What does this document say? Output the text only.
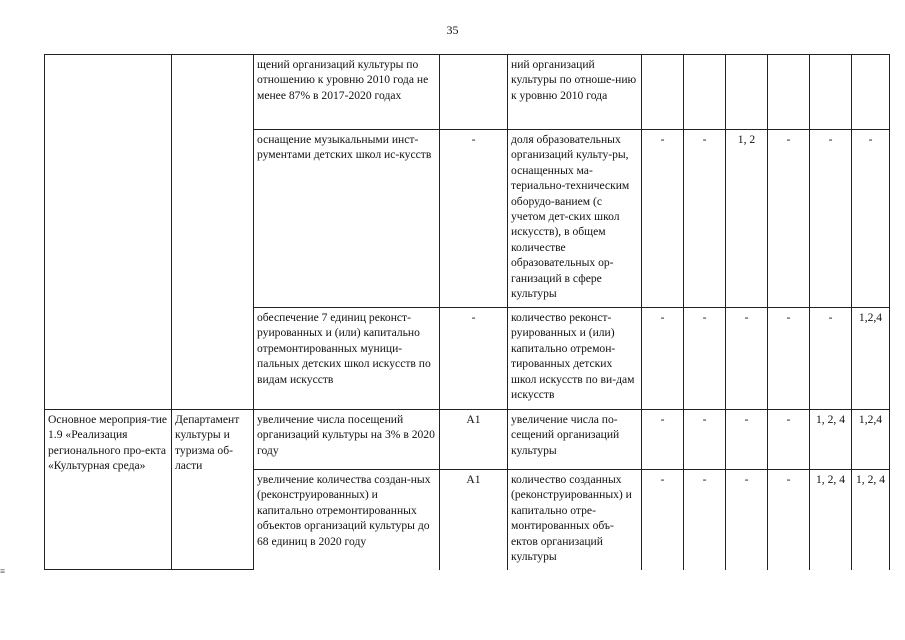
35
		щений организаций культуры по отношению к уровню 2010 года не менее 87% в 2017-2020 годах		ний организаций культуры по отноше-нию к уровню 2010 года						
		оснащение музыкальными инст-рументами детских школ ис-кусств	-	доля образовательных организаций культу-ры, оснащенных ма-териально-техническим оборудо-ванием (с учетом дет-ских школ искусств), в общем количестве образовательных ор-ганизаций в сфере культуры	-	-	1, 2	-	-	-
		обеспечение 7 единиц реконст-руированных и (или) капитально отремонтированных муници-пальных детских школ искусств по видам искусств	-	количество реконст-руированных и (или) капитально отремон-тированных детских школ искусств по ви-дам искусств	-	-	-	-	-	1,2,4
Основное мероприя-тие 1.9 «Реализация регионального про-екта «Культурная среда»	Департамент культуры и туризма об-ласти	увеличение числа посещений организаций культуры на 3% в 2020 году	A1	увеличение числа по-сещений организаций культуры	-	-	-	-	1, 2, 4	1,2,4
		увеличение количества создан-ных (реконструированных) и капитально отремонтированных объектов организаций культуры до 68 единиц в 2020 году	A1	количество созданных (реконструированных) и капитально отре-монтированных объ-ектов организаций культуры	-	-	-	-	1, 2, 4	1, 2, 4
≡
